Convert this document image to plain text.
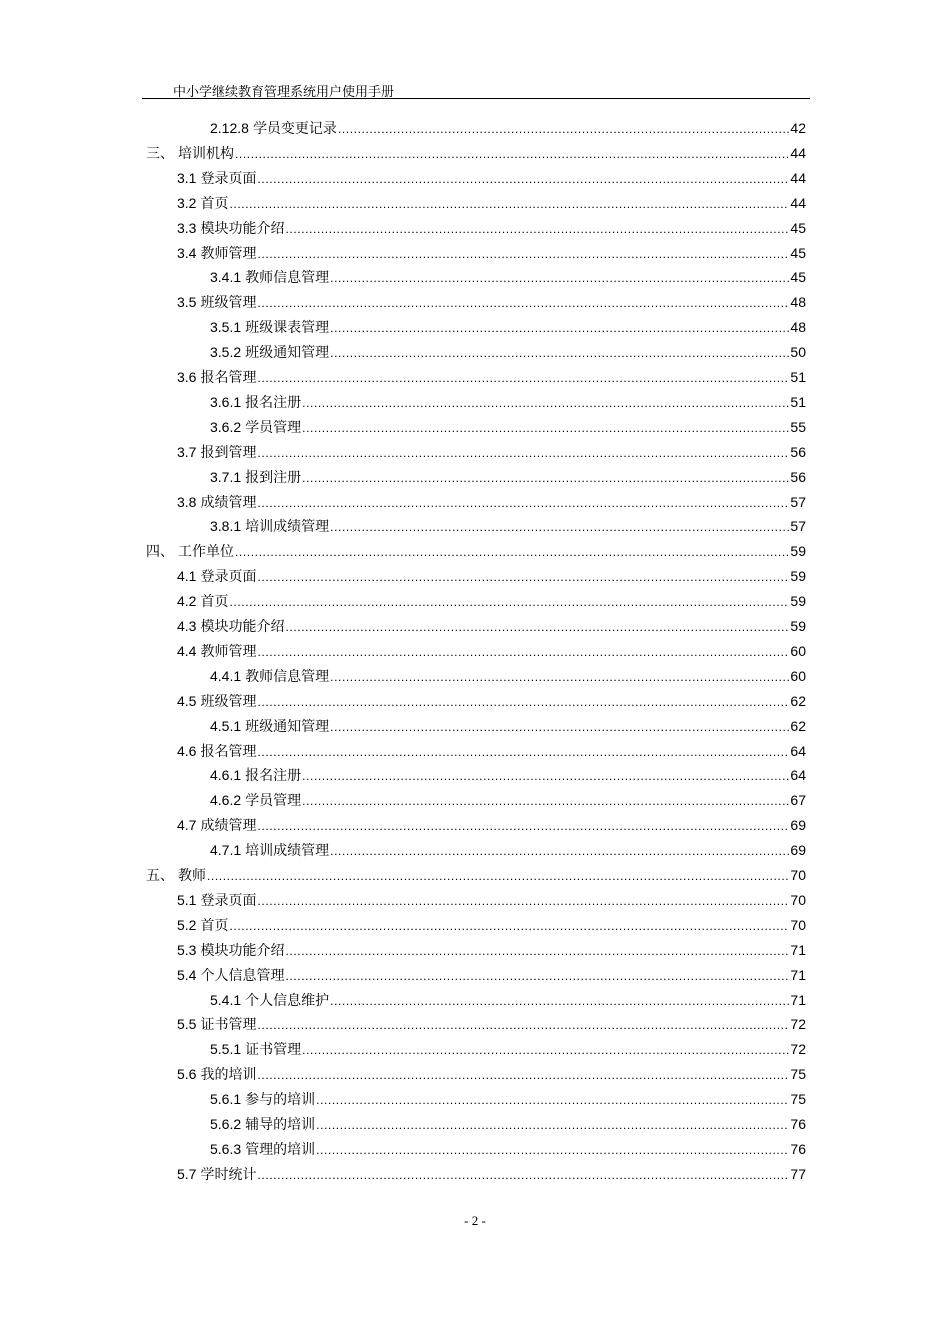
中小学继续教育管理系统用户使用手册
2.12.8 学员变更记录 .....	42
三、 培训机构 .....	44
3.1 登录页面 .....	44
3.2 首页 .....	44
3.3 模块功能介绍 .....	45
3.4 教师管理 .....	45
3.4.1 教师信息管理 .....	45
3.5 班级管理 .....	48
3.5.1 班级课表管理 .....	48
3.5.2 班级通知管理 .....	50
3.6 报名管理 .....	51
3.6.1 报名注册 .....	51
3.6.2 学员管理 .....	55
3.7 报到管理 .....	56
3.7.1 报到注册 .....	56
3.8 成绩管理 .....	57
3.8.1 培训成绩管理 .....	57
四、 工作单位 .....	59
4.1 登录页面 .....	59
4.2 首页 .....	59
4.3 模块功能介绍 .....	59
4.4 教师管理 .....	60
4.4.1 教师信息管理 .....	60
4.5 班级管理 .....	62
4.5.1 班级通知管理 .....	62
4.6 报名管理 .....	64
4.6.1 报名注册 .....	64
4.6.2 学员管理 .....	67
4.7 成绩管理 .....	69
4.7.1 培训成绩管理 .....	69
五、 教师 .....	70
5.1 登录页面 .....	70
5.2 首页 .....	70
5.3 模块功能介绍 .....	71
5.4 个人信息管理 .....	71
5.4.1 个人信息维护 .....	71
5.5 证书管理 .....	72
5.5.1 证书管理 .....	72
5.6 我的培训 .....	75
5.6.1 参与的培训 .....	75
5.6.2 辅导的培训 .....	76
5.6.3 管理的培训 .....	76
5.7 学时统计 .....	77
- 2 -
